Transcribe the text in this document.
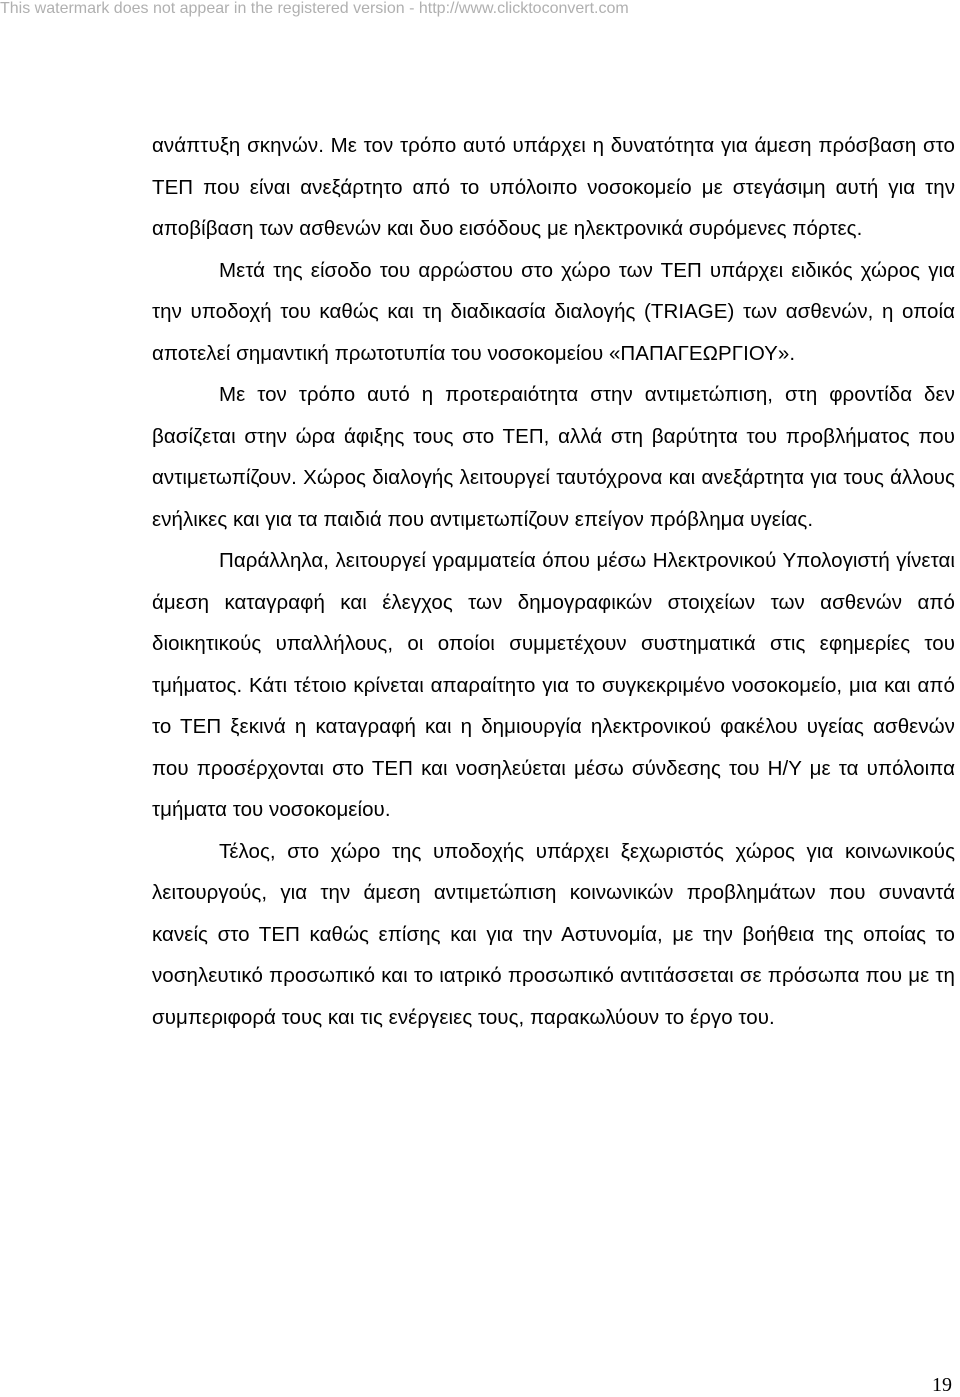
This watermark does not appear in the registered version - http://www.clicktoconvert.com

ανάπτυξη σκηνών. Με τον τρόπο αυτό υπάρχει η δυνατότητα για άμεση πρόσβαση στο ΤΕΠ που είναι ανεξάρτητο από το υπόλοιπο νοσοκομείο με στεγάσιμη αυτή για την αποβίβαση των ασθενών και δυο εισόδους με ηλεκτρονικά συρόμενες πόρτες.

Μετά της είσοδο του αρρώστου στο χώρο των ΤΕΠ υπάρχει ειδικός χώρος για την υποδοχή του καθώς και τη διαδικασία διαλογής (TRIAGE) των ασθενών, η οποία αποτελεί σημαντική πρωτοτυπία του νοσοκομείου «ΠΑΠΑΓΕΩΡΓΙΟΥ».

Με τον τρόπο αυτό η προτεραιότητα στην αντιμετώπιση, στη φροντίδα δεν βασίζεται στην ώρα άφιξης τους στο ΤΕΠ, αλλά στη βαρύτητα του προβλήματος που αντιμετωπίζουν. Χώρος διαλογής λειτουργεί ταυτόχρονα και ανεξάρτητα για τους άλλους ενήλικες και για τα παιδιά που αντιμετωπίζουν επείγον πρόβλημα υγείας.

Παράλληλα, λειτουργεί γραμματεία όπου μέσω Ηλεκτρονικού Υπολογιστή γίνεται άμεση καταγραφή και έλεγχος των δημογραφικών στοιχείων των ασθενών από διοικητικούς υπαλλήλους, οι οποίοι συμμετέχουν συστηματικά στις εφημερίες του τμήματος. Κάτι τέτοιο κρίνεται απαραίτητο για το συγκεκριμένο νοσοκομείο, μια και από το ΤΕΠ ξεκινά η καταγραφή και η δημιουργία ηλεκτρονικού φακέλου υγείας ασθενών που προσέρχονται στο ΤΕΠ και νοσηλεύεται μέσω σύνδεσης του Η/Υ με τα υπόλοιπα τμήματα του νοσοκομείου.

Τέλος, στο χώρο της υποδοχής υπάρχει ξεχωριστός χώρος για κοινωνικούς λειτουργούς, για την άμεση αντιμετώπιση κοινωνικών προβλημάτων που συναντά κανείς στο ΤΕΠ καθώς επίσης και για την Αστυνομία, με την βοήθεια της οποίας το νοσηλευτικό προσωπικό και το ιατρικό προσωπικό αντιτάσσεται σε πρόσωπα που με τη συμπεριφορά τους και τις ενέργειες τους, παρακωλύουν το έργο του.

19
